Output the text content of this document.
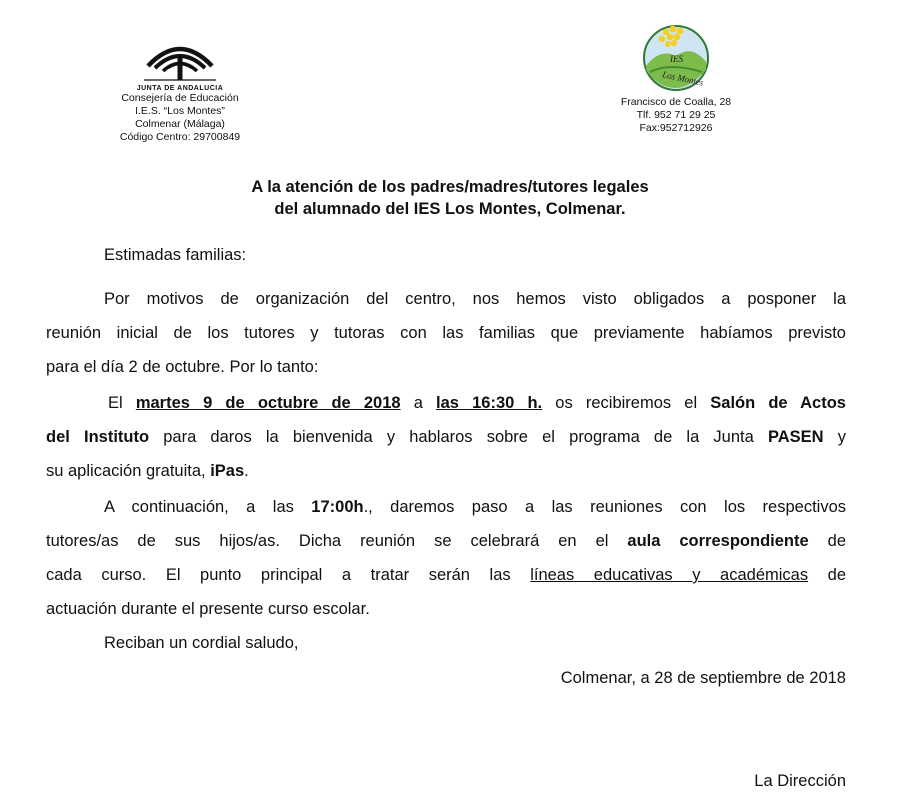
JUNTA DE ANDALUCIA
Consejería de Educación
I.E.S. “Los Montes”
Colmenar (Málaga)
Código Centro: 29700849
IES
Los Montes
Francisco de Coalla, 28
Tlf. 952 71 29 25
Fax:952712926
A la atención de los padres/madres/tutores legales
del alumnado del IES Los Montes, Colmenar.
Estimadas familias:
Por motivos de organización del centro, nos hemos visto obligados a posponer la
reunión inicial de los tutores y tutoras con las familias que previamente habíamos previsto
para el día 2 de octubre. Por lo tanto:
El martes 9 de octubre de 2018 a las 16:30 h. os recibiremos el Salón de Actos
del Instituto para daros la bienvenida y hablaros sobre el programa de la Junta PASEN y
su aplicación gratuita, iPas.
A continuación, a las 17:00h., daremos paso a las reuniones con los respectivos
tutores/as de sus hijos/as. Dicha reunión se celebrará en el aula correspondiente de
cada curso. El punto principal a tratar serán las líneas educativas y académicas de
actuación durante el presente curso escolar.
Reciban un cordial saludo,
Colmenar, a 28 de septiembre de 2018
La Dirección
